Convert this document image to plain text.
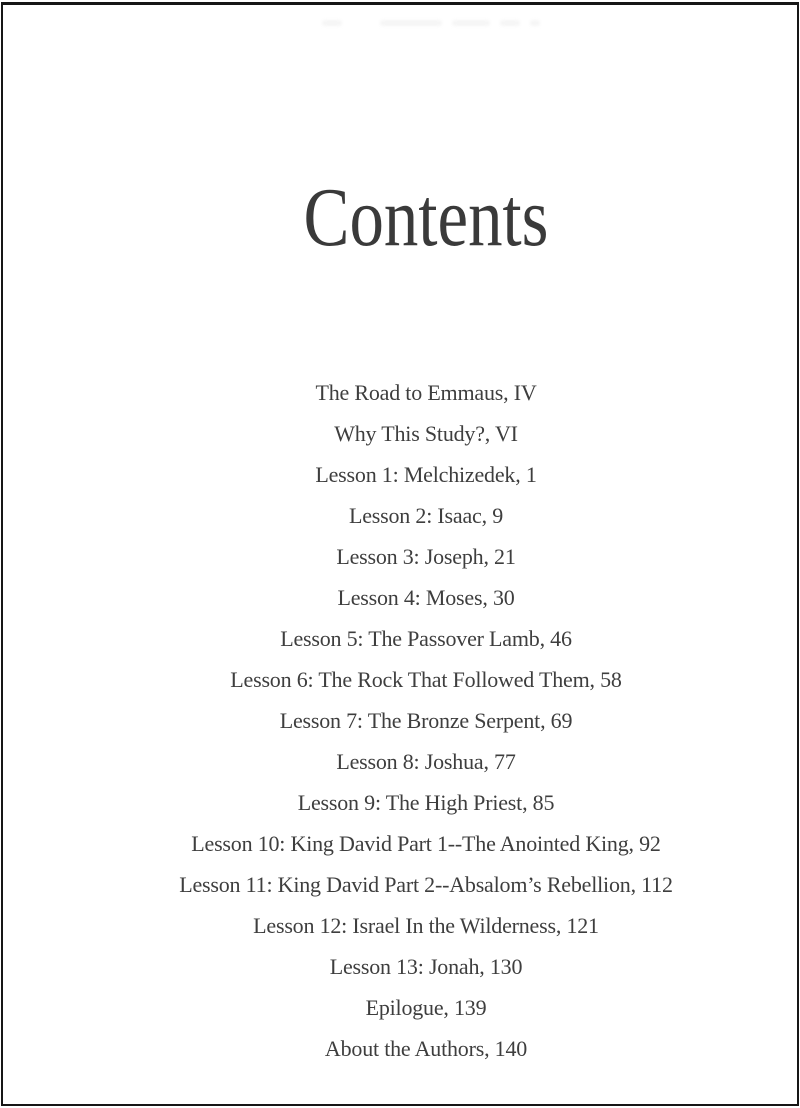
Contents
The Road to Emmaus, IV
Why This Study?, VI
Lesson 1: Melchizedek, 1
Lesson 2: Isaac, 9
Lesson 3: Joseph, 21
Lesson 4: Moses, 30
Lesson 5: The Passover Lamb, 46
Lesson 6: The Rock That Followed Them, 58
Lesson 7: The Bronze Serpent, 69
Lesson 8: Joshua, 77
Lesson 9: The High Priest, 85
Lesson 10: King David Part 1--The Anointed King, 92
Lesson 11: King David Part 2--Absalom’s Rebellion, 112
Lesson 12: Israel In the Wilderness, 121
Lesson 13: Jonah, 130
Epilogue, 139
About the Authors, 140
